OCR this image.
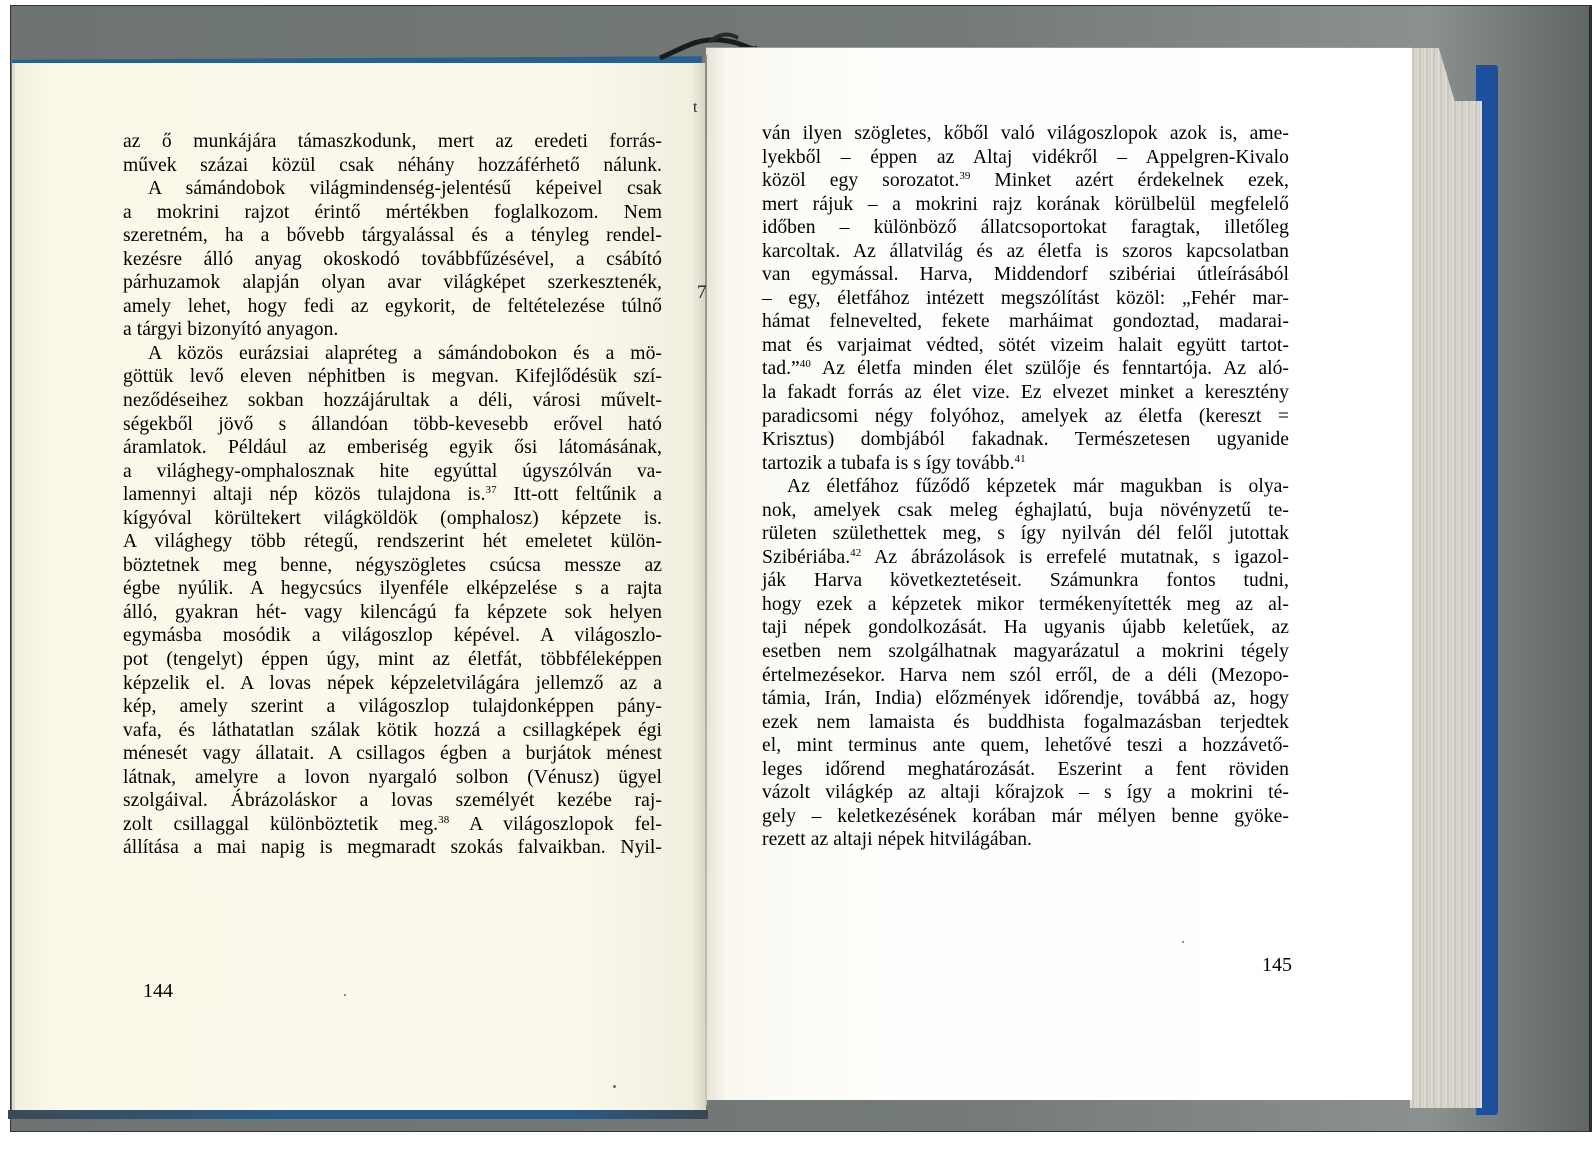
az ő munkájára támaszkodunk, mert az eredeti forrás-
művek százai közül csak néhány hozzáférhető nálunk.
A sámándobok világmindenség-jelentésű képeivel csak
a mokrini rajzot érintő mértékben foglalkozom. Nem
szeretném, ha a bővebb tárgyalással és a tényleg rendel-
kezésre álló anyag okoskodó továbbfűzésével, a csábító
párhuzamok alapján olyan avar világképet szerkesztenék,
amely lehet, hogy fedi az egykorit, de feltételezése túlnő
a tárgyi bizonyító anyagon.
A közös eurázsiai alapréteg a sámándobokon és a mö-
göttük levő eleven néphitben is megvan. Kifejlődésük szí-
neződéseihez sokban hozzájárultak a déli, városi művelt-
ségekből jövő s állandóan több-kevesebb erővel ható
áramlatok. Például az emberiség egyik ősi látomásának,
a világhegy-omphalosznak hite egyúttal úgyszólván va-
lamennyi altaji nép közös tulajdona is.$^{37}$ Itt-ott feltűnik a
kígyóval körültekert világköldök (omphalosz) képzete is.
A világhegy több rétegű, rendszerint hét emeletet külön-
böztetnek meg benne, négyszögletes csúcsa messze az
égbe nyúlik. A hegycsúcs ilyenféle elképzelése s a rajta
álló, gyakran hét- vagy kilencágú fa képzete sok helyen
egymásba mosódik a világoszlop képével. A világoszlo-
pot (tengelyt) éppen úgy, mint az életfát, többféleképpen
képzelik el. A lovas népek képzeletvilágára jellemző az a
kép, amely szerint a világoszlop tulajdonképpen pány-
vafa, és láthatatlan szálak kötik hozzá a csillagképek égi
ménesét vagy állatait. A csillagos égben a burjátok ménest
látnak, amelyre a lovon nyargaló solbon (Vénusz) ügyel
szolgáival. Ábrázoláskor a lovas személyét kezébe raj-
zolt csillaggal különböztetik meg.$^{38}$ A világoszlopok fel-
állítása a mai napig is megmaradt szokás falvaikban. Nyil-
ván ilyen szögletes, kőből való világoszlopok azok is, ame-
lyekből – éppen az Altaj vidékről – Appelgren-Kivalo
közöl egy sorozatot.$^{39}$ Minket azért érdekelnek ezek,
mert rájuk – a mokrini rajz korának körülbelül megfelelő
időben – különböző állatcsoportokat faragtak, illetőleg
karcoltak. Az állatvilág és az életfa is szoros kapcsolatban
van egymással. Harva, Middendorf szibériai útleírásából
– egy, életfához intézett megszólítást közöl: „Fehér mar-
hámat felnevelted, fekete marháimat gondoztad, madarai-
mat és varjaimat védted, sötét vizeim halait együtt tartot-
tad.”$^{40}$ Az életfa minden élet szülője és fenntartója. Az aló-
la fakadt forrás az élet vize. Ez elvezet minket a keresztény
paradicsomi négy folyóhoz, amelyek az életfa (kereszt =
Krisztus) dombjából fakadnak. Természetesen ugyanide
tartozik a tubafa is s így tovább.$^{41}$
Az életfához fűződő képzetek már magukban is olya-
nok, amelyek csak meleg éghajlatú, buja növényzetű te-
rületen születhettek meg, s így nyilván dél felől jutottak
Szibériába.$^{42}$ Az ábrázolások is errefelé mutatnak, s igazol-
ják Harva következtetéseit. Számunkra fontos tudni,
hogy ezek a képzetek mikor termékenyítették meg az al-
taji népek gondolkozását. Ha ugyanis újabb keletűek, az
esetben nem szolgálhatnak magyarázatul a mokrini tégely
értelmezésekor. Harva nem szól erről, de a déli (Mezopo-
támia, Irán, India) előzmények időrendje, továbbá az, hogy
ezek nem lamaista és buddhista fogalmazásban terjedtek
el, mint terminus ante quem, lehetővé teszi a hozzávető-
leges időrend meghatározását. Eszerint a fent röviden
vázolt világkép az altaji kőrajzok – s így a mokrini té-
gely – keletkezésének korában már mélyen benne gyöke-
rezett az altaji népek hitvilágában.
144
145
t
7
